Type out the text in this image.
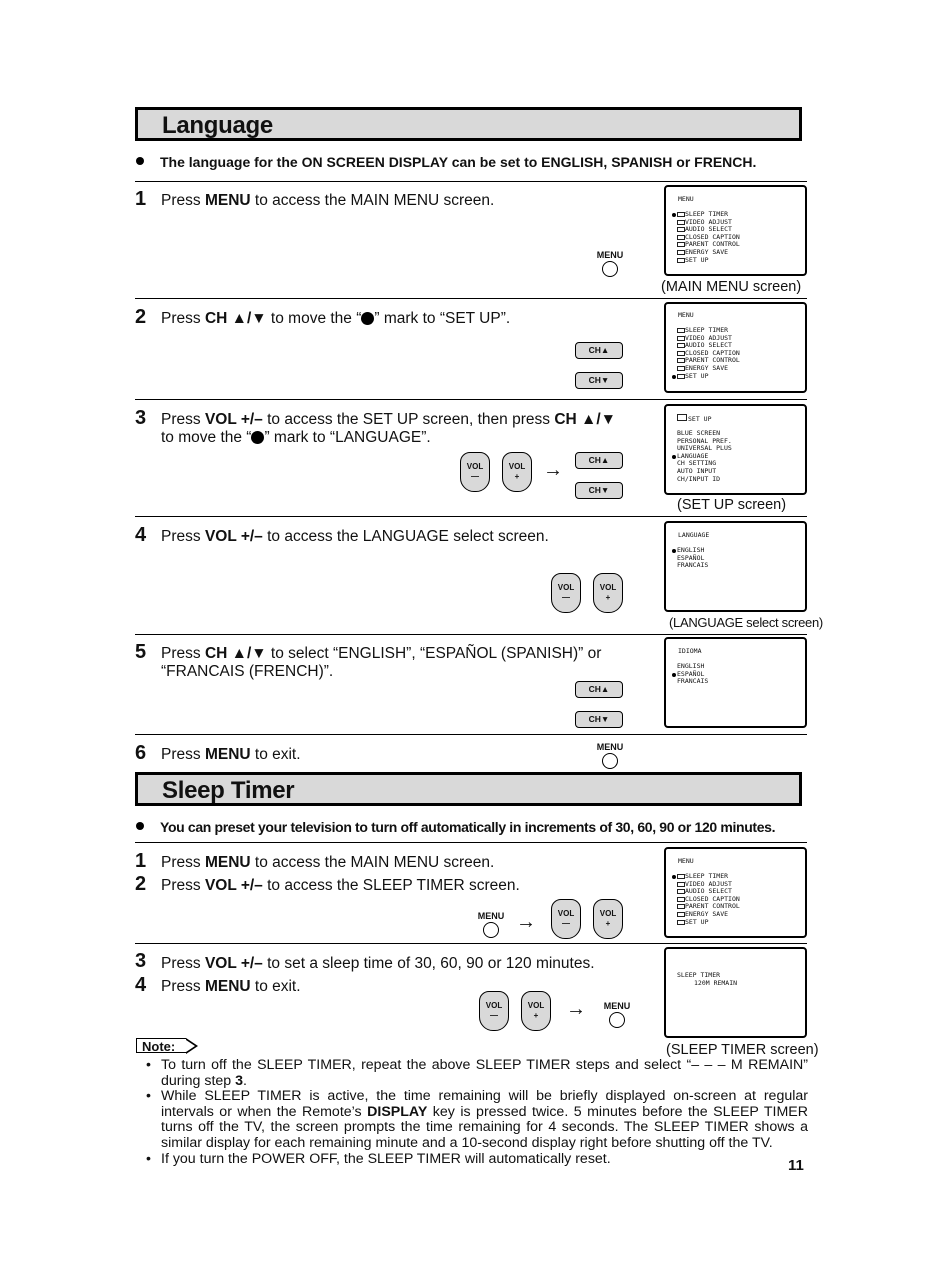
Language
The language for the ON SCREEN DISPLAY can be set to ENGLISH, SPANISH or FRENCH.
1 Press MENU to access the MAIN MENU screen.
MENU
MENU
SLEEP TIMER
VIDEO ADJUST
AUDIO SELECT
CLOSED CAPTION
PARENT CONTROL
ENERGY SAVE
SET UP
(MAIN MENU screen)
2 Press CH ▲/▼ to move the “ ” mark to “SET UP”.
CH▲
CH▼
MENU
SLEEP TIMER
VIDEO ADJUST
AUDIO SELECT
CLOSED CAPTION
PARENT CONTROL
ENERGY SAVE
SET UP
3 Press VOL +/– to access the SET UP screen, then press CH ▲/▼
to move the “ ” mark to “LANGUAGE”.
VOL
—
VOL
+	→	CH▲
CH▼
SET UP
BLUE SCREEN
PERSONAL PREF.
UNIVERSAL PLUS
LANGUAGE
CH SETTING
AUTO INPUT
CH/INPUT ID
(SET UP screen)
4 Press VOL +/– to access the LANGUAGE select screen.
VOL
—
VOL
+
LANGUAGE
ENGLISH
ESPAÑOL
FRANCAIS
(LANGUAGE select screen)
5 Press CH ▲/▼ to select “ENGLISH”, “ESPAÑOL (SPANISH)” or
“FRANCAIS (FRENCH)”.
CH▲
CH▼
IDIOMA
ENGLISH
ESPAÑOL
FRANCAIS
6 Press MENU to exit.	MENU
Sleep Timer
You can preset your television to turn off automatically in increments of 30, 60, 90 or 120 minutes.
1 Press MENU to access the MAIN MENU screen.
2 Press VOL +/– to access the SLEEP TIMER screen.
MENU →	VOL
—
VOL
+
MENU
SLEEP TIMER
VIDEO ADJUST
AUDIO SELECT
CLOSED CAPTION
PARENT CONTROL
ENERGY SAVE
SET UP
3 Press VOL +/– to set a sleep time of 30, 60, 90 or 120 minutes.
4 Press MENU to exit.
VOL
—
VOL
+	→	MENU
SLEEP TIMER
120M REMAIN
(SLEEP TIMER screen)
Note:
• To turn off the SLEEP TIMER, repeat the above SLEEP TIMER steps and select “– – – M REMAIN” during step 3.
• While SLEEP TIMER is active, the time remaining will be briefly displayed on-screen at regular intervals or when the Remote’s DISPLAY key is pressed twice. 5 minutes before the SLEEP TIMER turns off the TV, the screen prompts the time remaining for 4 seconds. The SLEEP TIMER shows a similar display for each remaining minute and a 10-second display right before shutting off the TV.
• If you turn the POWER OFF, the SLEEP TIMER will automatically reset.	11
